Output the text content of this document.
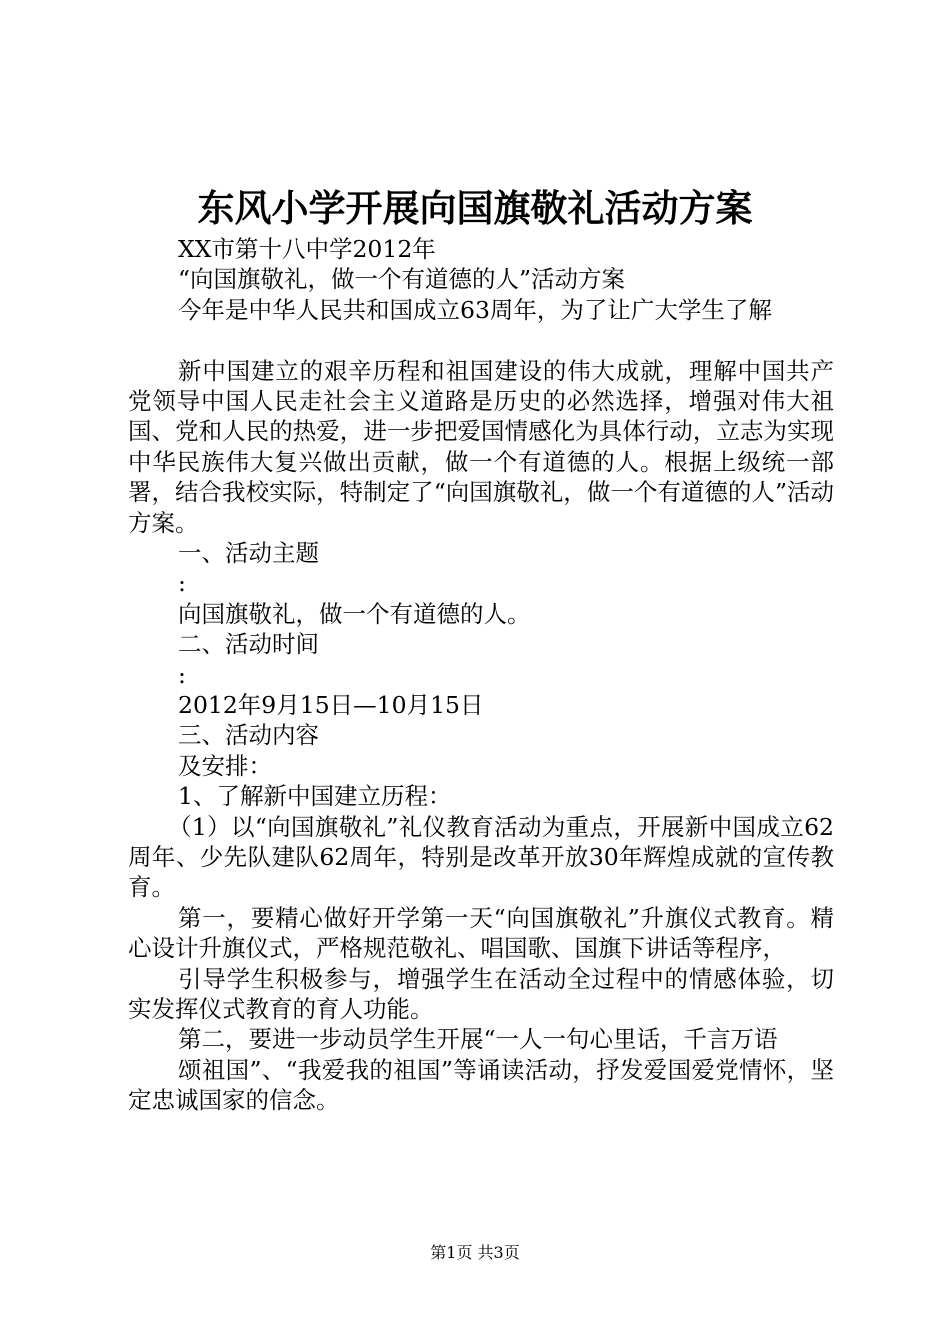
东风小学开展向国旗敬礼活动方案
XX市第十八中学2012年
“向国旗敬礼，做一个有道德的人”活动方案
今年是中华人民共和国成立63周年，为了让广大学生了解
新中国建立的艰辛历程和祖国建设的伟大成就，理解中国共产党领导中国人民走社会主义道路是历史的必然选择，增强对伟大祖国、党和人民的热爱，进一步把爱国情感化为具体行动，立志为实现中华民族伟大复兴做出贡献，做一个有道德的人。根据上级统一部署，结合我校实际，特制定了“向国旗敬礼，做一个有道德的人”活动方案。
一、活动主题
:
向国旗敬礼，做一个有道德的人。
二、活动时间
:
2012年9月15日—10月15日
三、活动内容
及安排：
1、了解新中国建立历程：
（1）以“向国旗敬礼”礼仪教育活动为重点，开展新中国成立62周年、少先队建队62周年，特别是改革开放30年辉煌成就的宣传教育。
第一，要精心做好开学第一天“向国旗敬礼”升旗仪式教育。精心设计升旗仪式，严格规范敬礼、唱国歌、国旗下讲话等程序，
引导学生积极参与，增强学生在活动全过程中的情感体验，切实发挥仪式教育的育人功能。
第二，要进一步动员学生开展“一人一句心里话，千言万语
颂祖国”、“我爱我的祖国”等诵读活动，抒发爱国爱党情怀，坚定忠诚国家的信念。
第1页 共3页
